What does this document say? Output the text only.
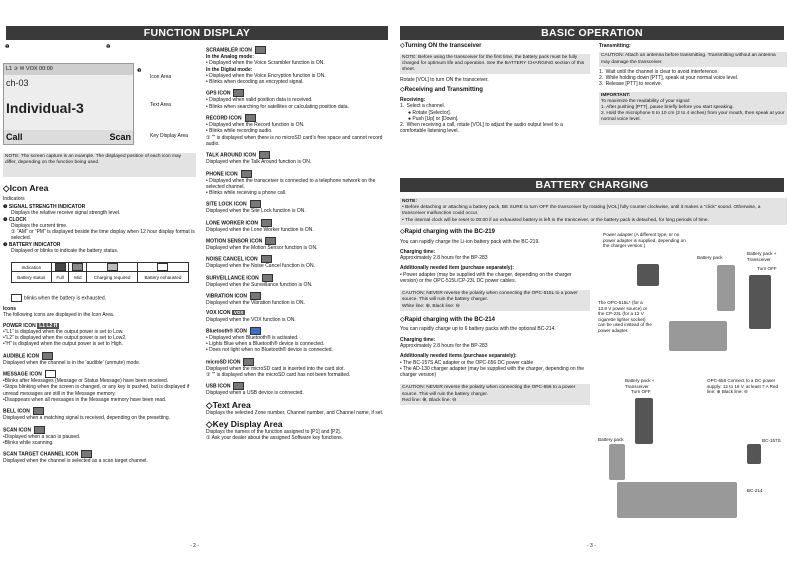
FUNCTION DISPLAY
❶	❷
L1 ✰ ✉ VOX 00:00
ch-03
Individual-3
Call	Scan
❸
Icon Area
Text Area
Key Display Area
NOTE: The screen capture is an example. The displayed position of each icon may differ, depending on the function being used.
◇Icon Area
Indicators
❶ SIGNAL STRENGTH INDICATOR
Displays the relative receive signal strength level.
❷ CLOCK
Displays the current time.
① “AM” or “PM” is displayed beside the time display when 12 hour display format is selected.
❸ BATTERY INDICATOR
Displayed or blinks to indicate the battery status.
Indication				
Battery status	Full	Mid	Charging required	Battery exhausted
blinks when the battery is exhausted.
Icons
The following icons are displayed in the Icon Area.
POWER ICON L1 L2 H
•“L1” is displayed when the output power is set to Low.
•“L2” is displayed when the output power is set to Low2.
•“H” is displayed when the output power is set to High.
AUDIBLE ICON
Displayed when the channel is in the 'audible' (unmute) mode.
MESSAGE ICON
•Blinks after Messages (Message or Status Message) have been received.
•Stops blinking when the screen is changed, or any key is pushed, but is displayed if unread messages are still in the Message memory.
•Disappears when all messages in the Message memory have been read.
BELL ICON
Displayed when a matching signal is received, depending on the presetting.
SCAN ICON
•Displayed when a scan is paused.
•Blinks while scanning.
SCAN TARGET CHANNEL ICON
Displayed when the channel is selected as a scan target channel.
SCRAMBLER ICON
In the Analog mode:
• Displayed when the Voice Scrambler function is ON.
In the Digital mode:
• Displayed when the Voice Encryption function is ON.
• Blinks when decoding an encrypted signal.
GPS ICON
• Displayed when valid position data is received.
• Blinks when searching for satellites or calculating position data.
RECORD ICON
• Displayed when the Record function is ON.
• Blinks while recording audio.
① “” is displayed when there is no microSD card’s free space and cannot record audio.
TALK AROUND ICON
Displayed when the Talk Around function is ON.
PHONE ICON
• Displayed when the transceiver is connected to a telephone network on the selected channel.
• Blinks while receiving a phone call.
SITE LOCK ICON
Displayed when the Site Lock function is ON.
LONE WORKER ICON
Displayed when the Lone Worker function is ON.
MOTION SENSOR ICON
Displayed when the Motion Sensor function is ON.
NOISE CANCEL ICON
Displayed when the Noise Cancel function is ON.
SURVEILLANCE ICON
Displayed when the Surveillance function is ON.
VIBRATION ICON
Displayed when the Vibration function is ON.
VOX ICON VOX
Displayed when the VOX function is ON.
Bluetooth® ICON
• Displayed when Bluetooth® is activated.
• Lights Blue when a Bluetooth® device is connected.
• Does not light when no Bluetooth® device is connected.
microSD ICON
Displayed when the microSD card is inserted into the card slot.
① “” is displayed when the microSD card has not been formatted.
USB ICON
Displayed when a USB device is connected.
◇Text Area
Displays the selected Zone number, Channel number, and Channel name, if set.
◇Key Display Area
Displays the names of the function assigned to [P1] and [P2].
① Ask your dealer about the assigned Software key functions.
- 2 -
BASIC OPERATION
◇Turning ON the transceiver
NOTE: Before using the transceiver for the first time, the battery pack must be fully charged for optimum life and operation. See the BATTERY CHARGING section of this sheet.
Rotate [VOL] to turn ON the transceiver.
◇Receiving and Transmitting
Receiving:
1. Select a channel.
● Rotate [Selector].
● Push [Up] or [Down].
2. When receiving a call, rotate [VOL] to adjust the audio output level to a comfortable listening level.
Transmitting:
CAUTION: Attach an antenna before transmitting. Transmitting without an antenna may damage the transceiver.
1. Wait until the channel is clear to avoid interference.
2. While holding down [PTT], speak at your normal voice level.
3. Release [PTT] to receive.
IMPORTANT:
To maximize the readability of your signal:
1. After pushing [PTT], pause briefly before you start speaking.
2. Hold the microphone 5 to 10 cm (2 to 4 inches) from your mouth, then speak at your normal voice level.
BATTERY CHARGING
NOTE:
• Before detaching or attaching a battery pack, BE SURE to turn OFF the transceiver by rotating [VOL] fully counter clockwise, until it makes a “click” sound. Otherwise, a transceiver malfunction could occur.
• The internal clock will be reset to 00:00 if an exhausted battery is left in the transceiver, or the battery pack is detached, for long periods of time.
◇Rapid charging with the BC-219
You can rapidly charge the Li-ion battery pack with the BC-219.
Charging time:
Approximately 2.8 hours for the BP-283
Additionally needed item (purchase separately):
• Power adapter (may be supplied with the charger, depending on the charger version) or the OPC-515L/CP-23L DC power cables.
CAUTION: NEVER reverse the polarity when connecting the OPC-515L to a power source. This will ruin the battery charger.
White line: ⊕, Black line: ⊖
◇Rapid charging with the BC-214
You can rapidly charge up to 6 battery packs with the optional BC-214.
Charging time:
Approximately 2.8 hours for the BP-283
Additionally needed items (purchase separately):
• The BC-157S AC adapter or the OPC-656 DC power cable
• The AD-130 charger adapter (may be supplied with the charger, depending on the charger version)
CAUTION: NEVER reverse the polarity when connecting the OPC-656 to a power source. This will ruin the battery charger.
Red line: ⊕, Black line: ⊖
Power adapter (A different type, or no power adapter is supplied, depending on the charger version.)
Battery pack
Battery pack + Transceiver
Turn OFF
The OPC-515L* (for a 13.8 V power source) or the CP-23L (for a 12 V cigarette lighter socket) can be used instead of the power adapter.
Battery pack + Transceiver
Turn OFF
Battery pack
OPC-656 Connect to a DC power supply: 12 to 16 V, at least 7 A Red line: ⊕ Black line: ⊖
BC-157S
BC-214
- 3 -
